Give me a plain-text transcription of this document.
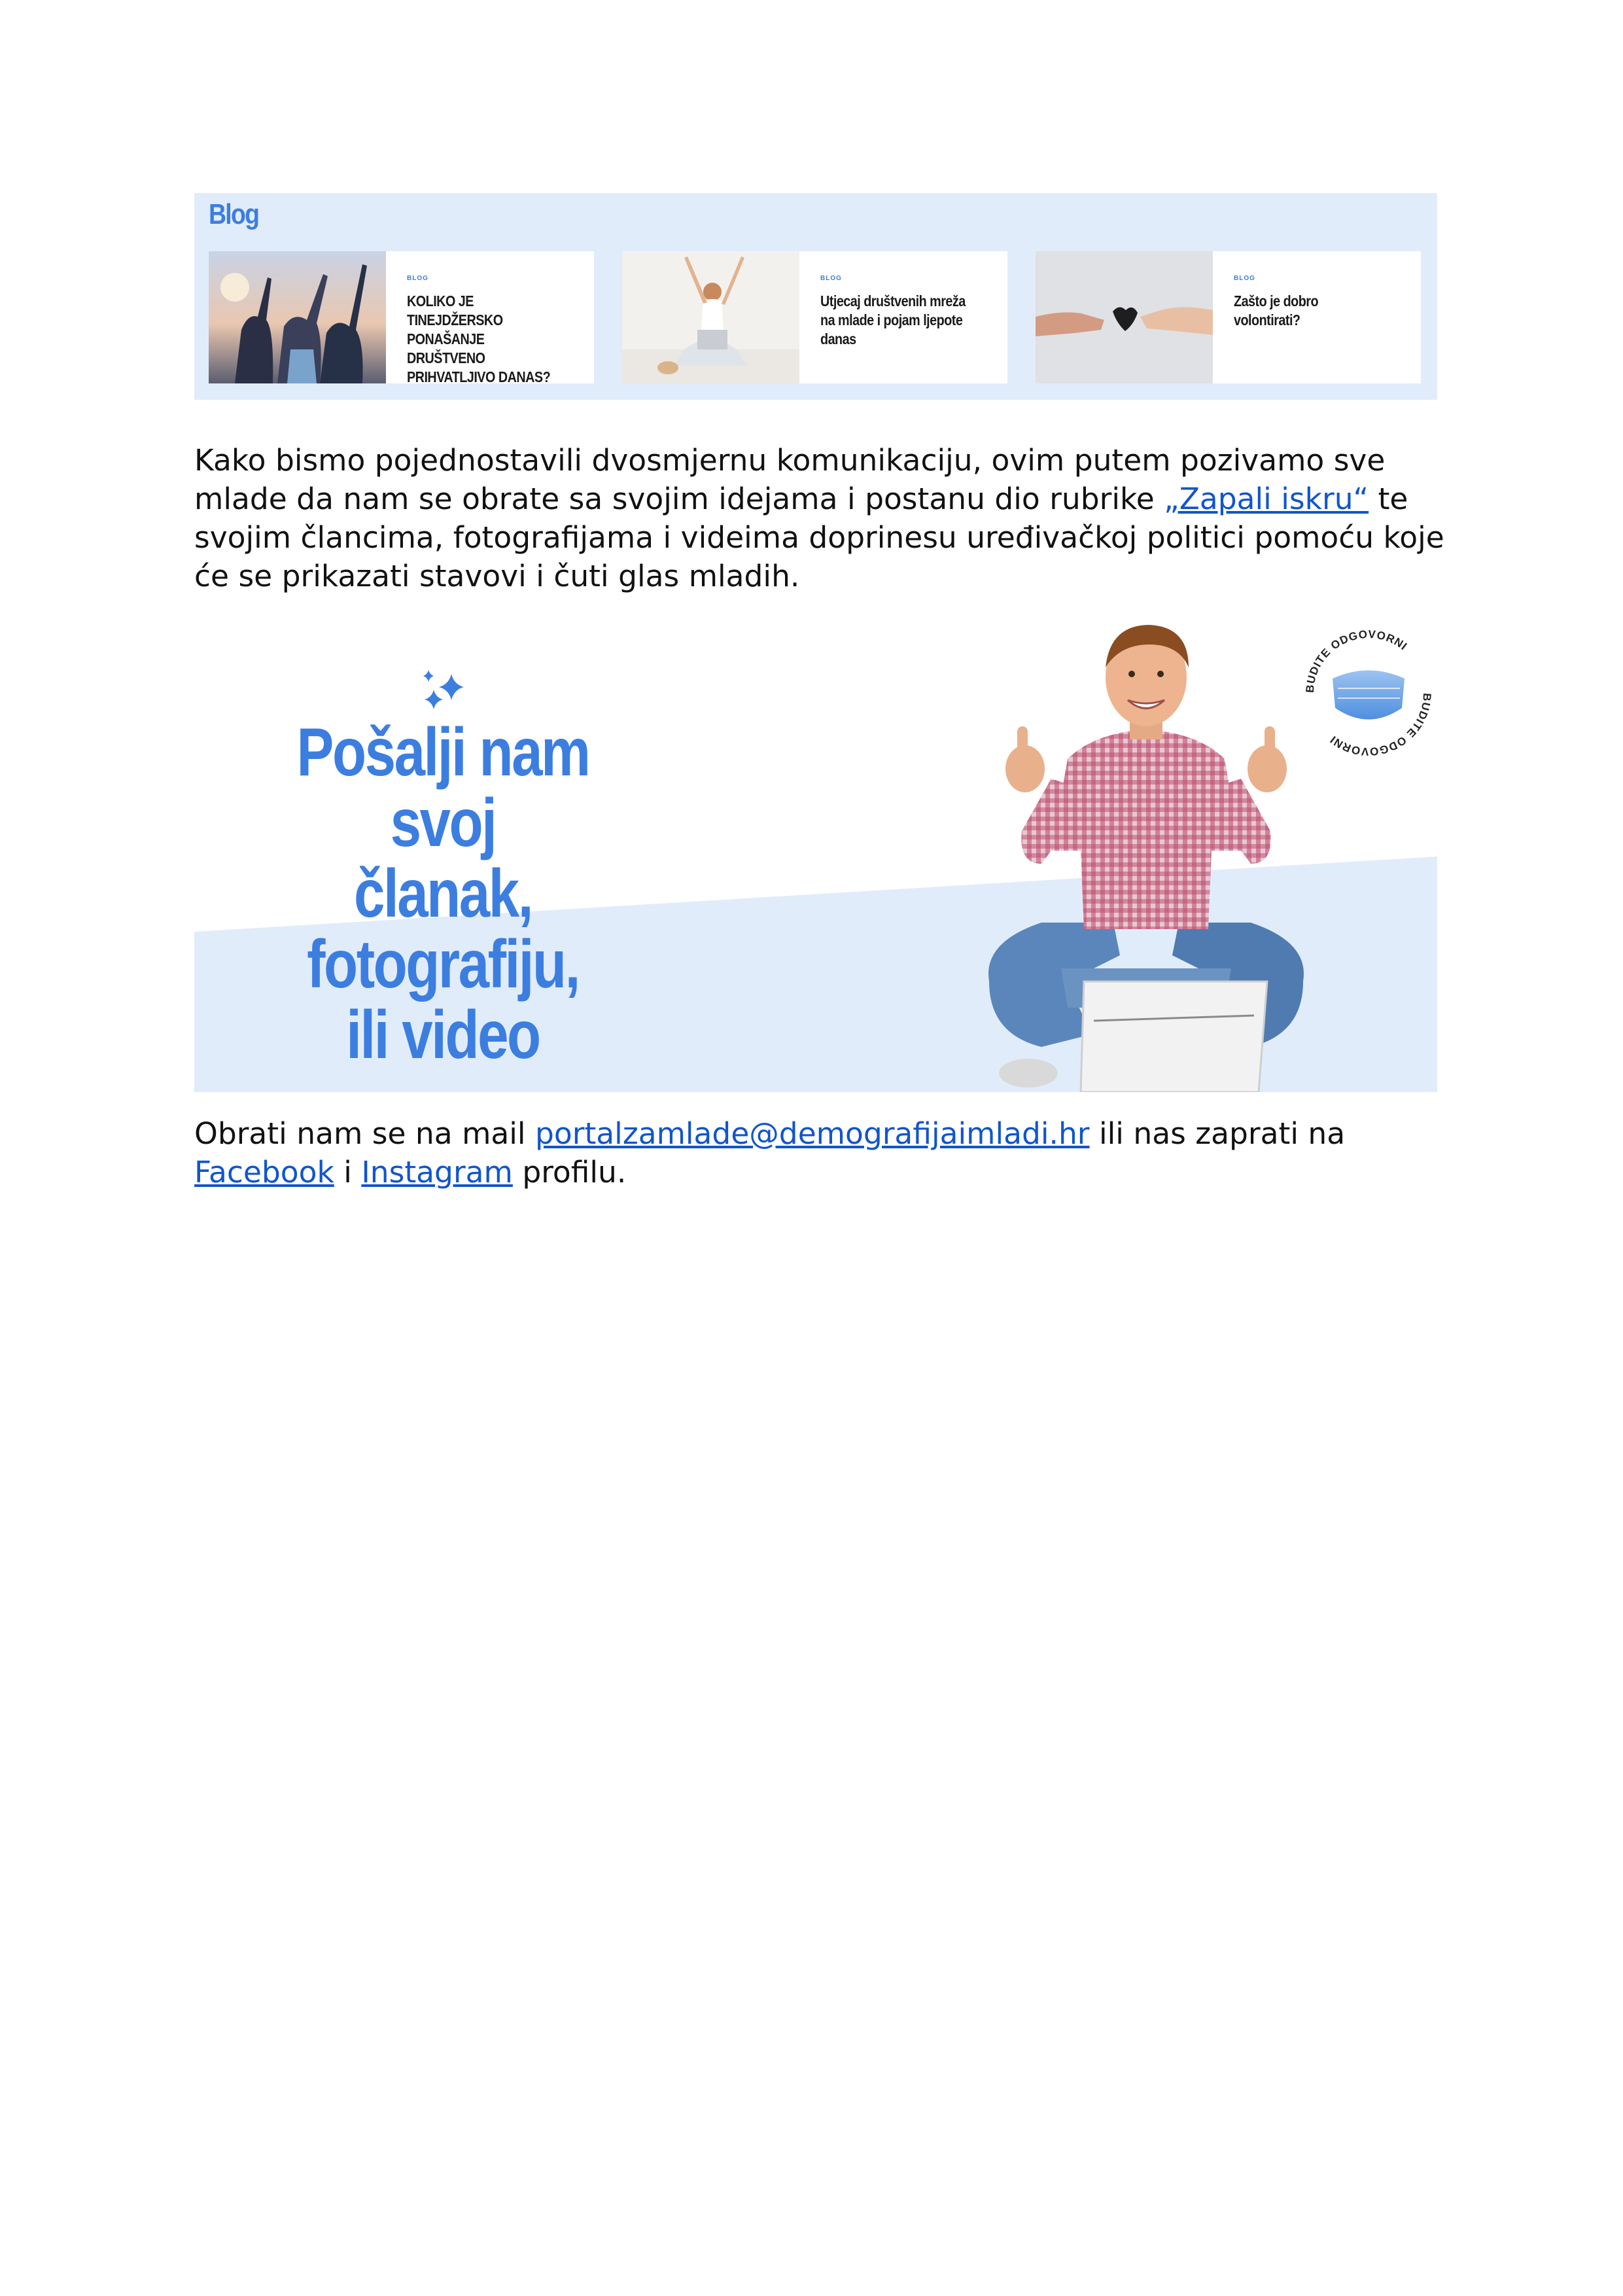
Blog
BLOG
KOLIKO JE TINEJDŽERSKO PONAŠANJE DRUŠTVENO PRIHVATLJIVO DANAS?
BLOG
Utjecaj društvenih mreža na mlade i pojam ljepote danas
BLOG
Zašto je dobro volontirati?
Kako bismo pojednostavili dvosmjernu komunikaciju, ovim putem pozivamo sve mlade da nam se obrate sa svojim idejama i postanu dio rubrike „Zapali iskru“ te svojim člancima, fotografijama i videima doprinesu uređivačkoj politici pomoću koje će se prikazati stavovi i čuti glas mladih.
Pošalji nam svoj
članak, fotografiju,
ili video
BUDITE ODGOVORNI
BUDITE ODGOVORNI
Obrati nam se na mail portalzamlade@demografijaimladi.hr ili nas zaprati na Facebook i Instagram profilu.
